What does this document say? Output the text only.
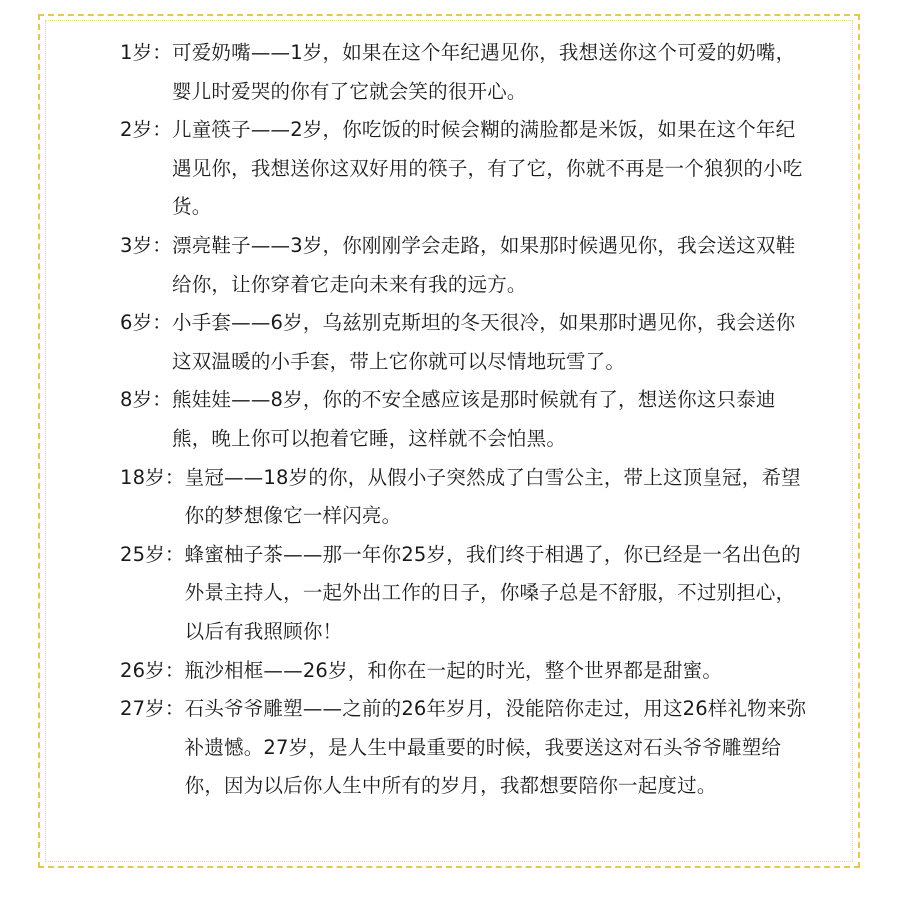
1岁： 可爱奶嘴——1岁，如果在这个年纪遇见你，我想送你这个可爱的奶嘴，婴儿时爱哭的你有了它就会笑的很开心。
2岁： 儿童筷子——2岁，你吃饭的时候会糊的满脸都是米饭，如果在这个年纪遇见你，我想送你这双好用的筷子，有了它，你就不再是一个狼狈的小吃货。
3岁： 漂亮鞋子——3岁，你刚刚学会走路，如果那时候遇见你，我会送这双鞋给你，让你穿着它走向未来有我的远方。
6岁： 小手套——6岁，乌兹别克斯坦的冬天很冷，如果那时遇见你，我会送你这双温暖的小手套，带上它你就可以尽情地玩雪了。
8岁： 熊娃娃——8岁，你的不安全感应该是那时候就有了，想送你这只泰迪熊，晚上你可以抱着它睡，这样就不会怕黑。
18岁： 皇冠——18岁的你，从假小子突然成了白雪公主，带上这顶皇冠，希望你的梦想像它一样闪亮。
25岁： 蜂蜜柚子茶——那一年你25岁，我们终于相遇了，你已经是一名出色的外景主持人，一起外出工作的日子，你嗓子总是不舒服，不过别担心，以后有我照顾你！
26岁： 瓶沙相框——26岁，和你在一起的时光，整个世界都是甜蜜。
27岁： 石头爷爷雕塑——之前的26年岁月，没能陪你走过，用这26样礼物来弥补遗憾。27岁，是人生中最重要的时候，我要送这对石头爷爷雕塑给你，因为以后你人生中所有的岁月，我都想要陪你一起度过。
